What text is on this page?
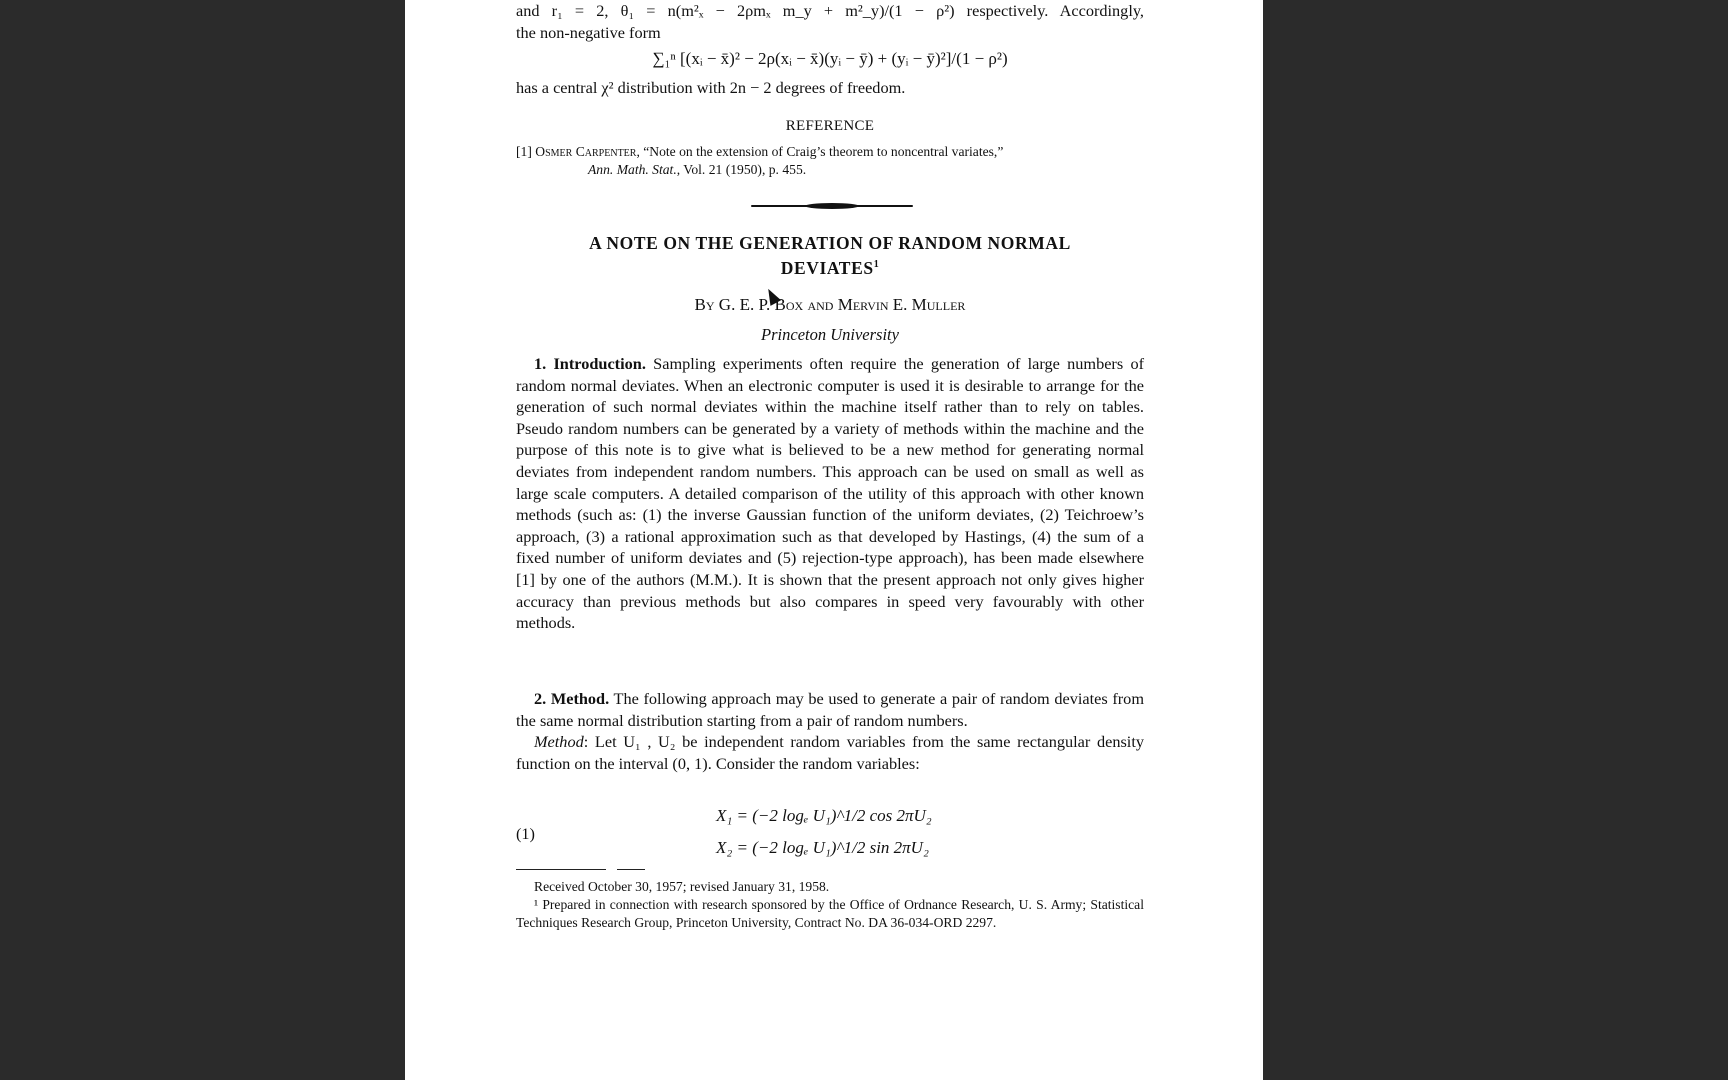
and r₁ = 2, θ₁ = n(m²ₓ − 2ρmₓ m_y + m²_y)/(1 − ρ²) respectively. Accordingly,

the non-negative form

∑₁ⁿ [(xᵢ − x̄)² − 2ρ(xᵢ − x̄)(yᵢ − ȳ) + (yᵢ − ȳ)²]/(1 − ρ²)

has a central χ² distribution with 2n − 2 degrees of freedom.

REFERENCE

[1] Osmer Carpenter, “Note on the extension of Craig’s theorem to noncentral variates,”
Ann. Math. Stat., Vol. 21 (1950), p. 455.

A NOTE ON THE GENERATION OF RANDOM NORMAL DEVIATES$^1$

By G. E. P. Box and Mervin E. Muller

Princeton University

1. Introduction. Sampling experiments often require the generation of large numbers of random normal deviates. When an electronic computer is used it is desirable to arrange for the generation of such normal deviates within the machine itself rather than to rely on tables. Pseudo random numbers can be generated by a variety of methods within the machine and the purpose of this note is to give what is believed to be a new method for generating normal deviates from independent random numbers. This approach can be used on small as well as large scale computers. A detailed comparison of the utility of this approach with other known methods (such as: (1) the inverse Gaussian function of the uniform deviates, (2) Teichroew’s approach, (3) a rational approximation such as that developed by Hastings, (4) the sum of a fixed number of uniform deviates and (5) rejection-type approach), has been made elsewhere [1] by one of the authors (M.M.). It is shown that the present approach not only gives higher accuracy than previous methods but also compares in speed very favourably with other methods.

2. Method. The following approach may be used to generate a pair of random deviates from the same normal distribution starting from a pair of random numbers.

Method: Let U₁ , U₂ be independent random variables from the same rectangular density function on the interval (0, 1). Consider the random variables:

(1)

X₁ = (−2 logₑ U₁)^1/2 cos 2πU₂

X₂ = (−2 logₑ U₁)^1/2 sin 2πU₂

Received October 30, 1957; revised January 31, 1958.

¹ Prepared in connection with research sponsored by the Office of Ordnance Research, U. S. Army; Statistical Techniques Research Group, Princeton University, Contract No. DA 36-034-ORD 2297.
